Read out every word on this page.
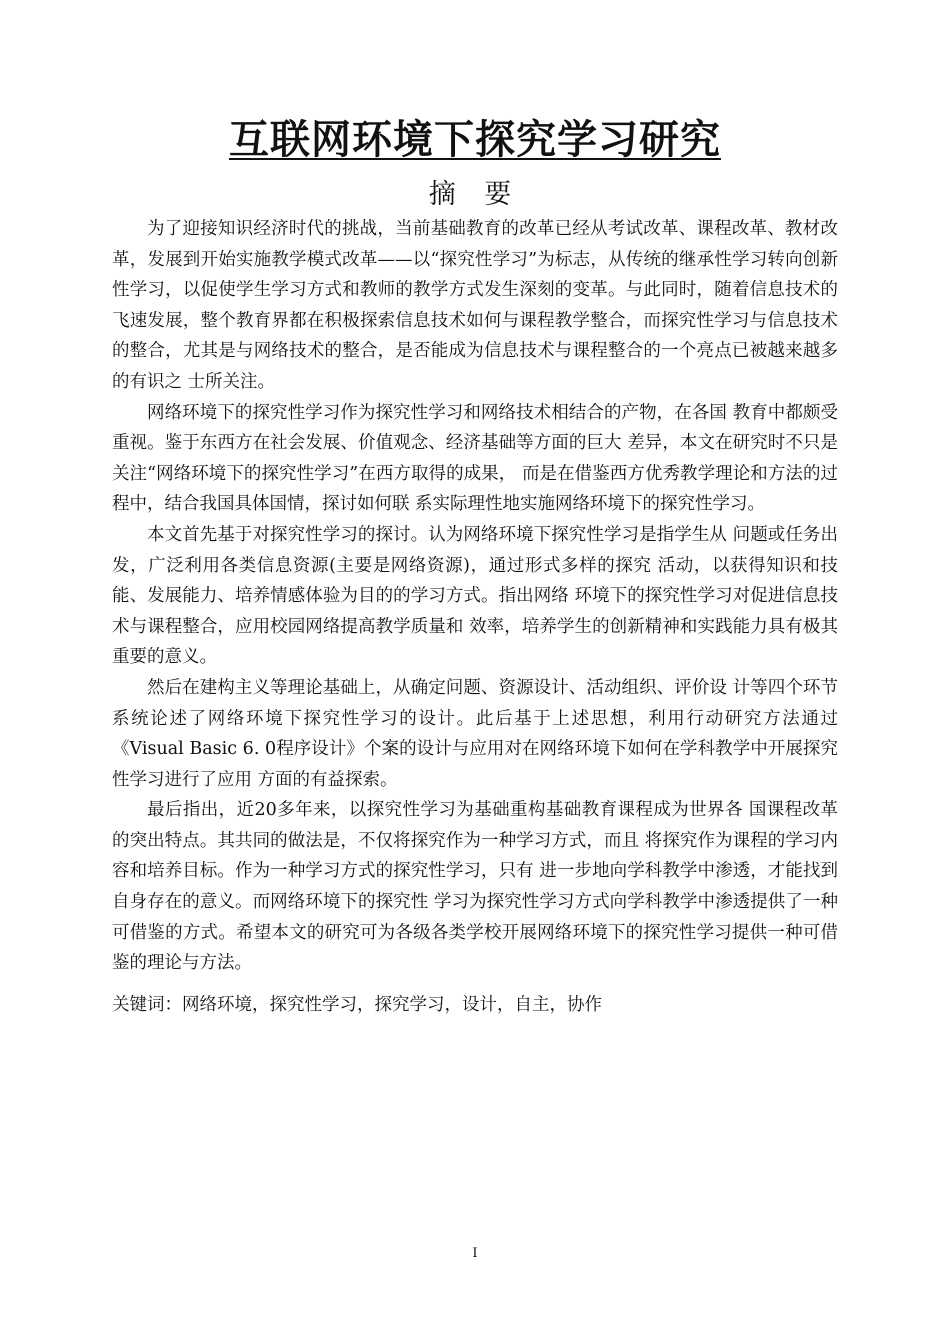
互联网环境下探究学习研究
摘 要

为了迎接知识经济时代的挑战，当前基础教育的改革已经从考试改革、课程改革、教材改革，发展到开始实施教学模式改革——以“探究性学习”为标志，从传统的继承性学习转向创新性学习，以促使学生学习方式和教师的教学方式发生深刻的变革。与此同时，随着信息技术的飞速发展，整个教育界都在积极探索信息技术如何与课程教学整合，而探究性学习与信息技术的整合，尤其是与网络技术的整合，是否能成为信息技术与课程整合的一个亮点已被越来越多的有识之 士所关注。

网络环境下的探究性学习作为探究性学习和网络技术相结合的产物，在各国 教育中都颇受重视。鉴于东西方在社会发展、价值观念、经济基础等方面的巨大 差异，本文在研究时不只是关注“网络环境下的探究性学习”在西方取得的成果， 而是在借鉴西方优秀教学理论和方法的过程中，结合我国具体国情，探讨如何联 系实际理性地实施网络环境下的探究性学习。

本文首先基于对探究性学习的探讨。认为网络环境下探究性学习是指学生从 问题或任务出发，广泛利用各类信息资源(主要是网络资源)，通过形式多样的探究 活动，以获得知识和技能、发展能力、培养情感体验为目的的学习方式。指出网络 环境下的探究性学习对促进信息技术与课程整合，应用校园网络提高教学质量和 效率，培养学生的创新精神和实践能力具有极其重要的意义。

然后在建构主义等理论基础上，从确定问题、资源设计、活动组织、评价设 计等四个环节系统论述了网络环境下探究性学习的设计。此后基于上述思想，利用行动研究方法通过《Visual Basic 6. 0程序设计》个案的设计与应用对在网络环境下如何在学科教学中开展探究性学习进行了应用 方面的有益探索。

最后指出，近20多年来，以探究性学习为基础重构基础教育课程成为世界各 国课程改革的突出特点。其共同的做法是，不仅将探究作为一种学习方式，而且 将探究作为课程的学习内容和培养目标。作为一种学习方式的探究性学习，只有 进一步地向学科教学中渗透，才能找到自身存在的意义。而网络环境下的探究性 学习为探究性学习方式向学科教学中渗透提供了一种可借鉴的方式。希望本文的研究可为各级各类学校开展网络环境下的探究性学习提供一种可借鉴的理论与方法。

关键词：网络环境，探究性学习，探究学习，设计，自主，协作
I
